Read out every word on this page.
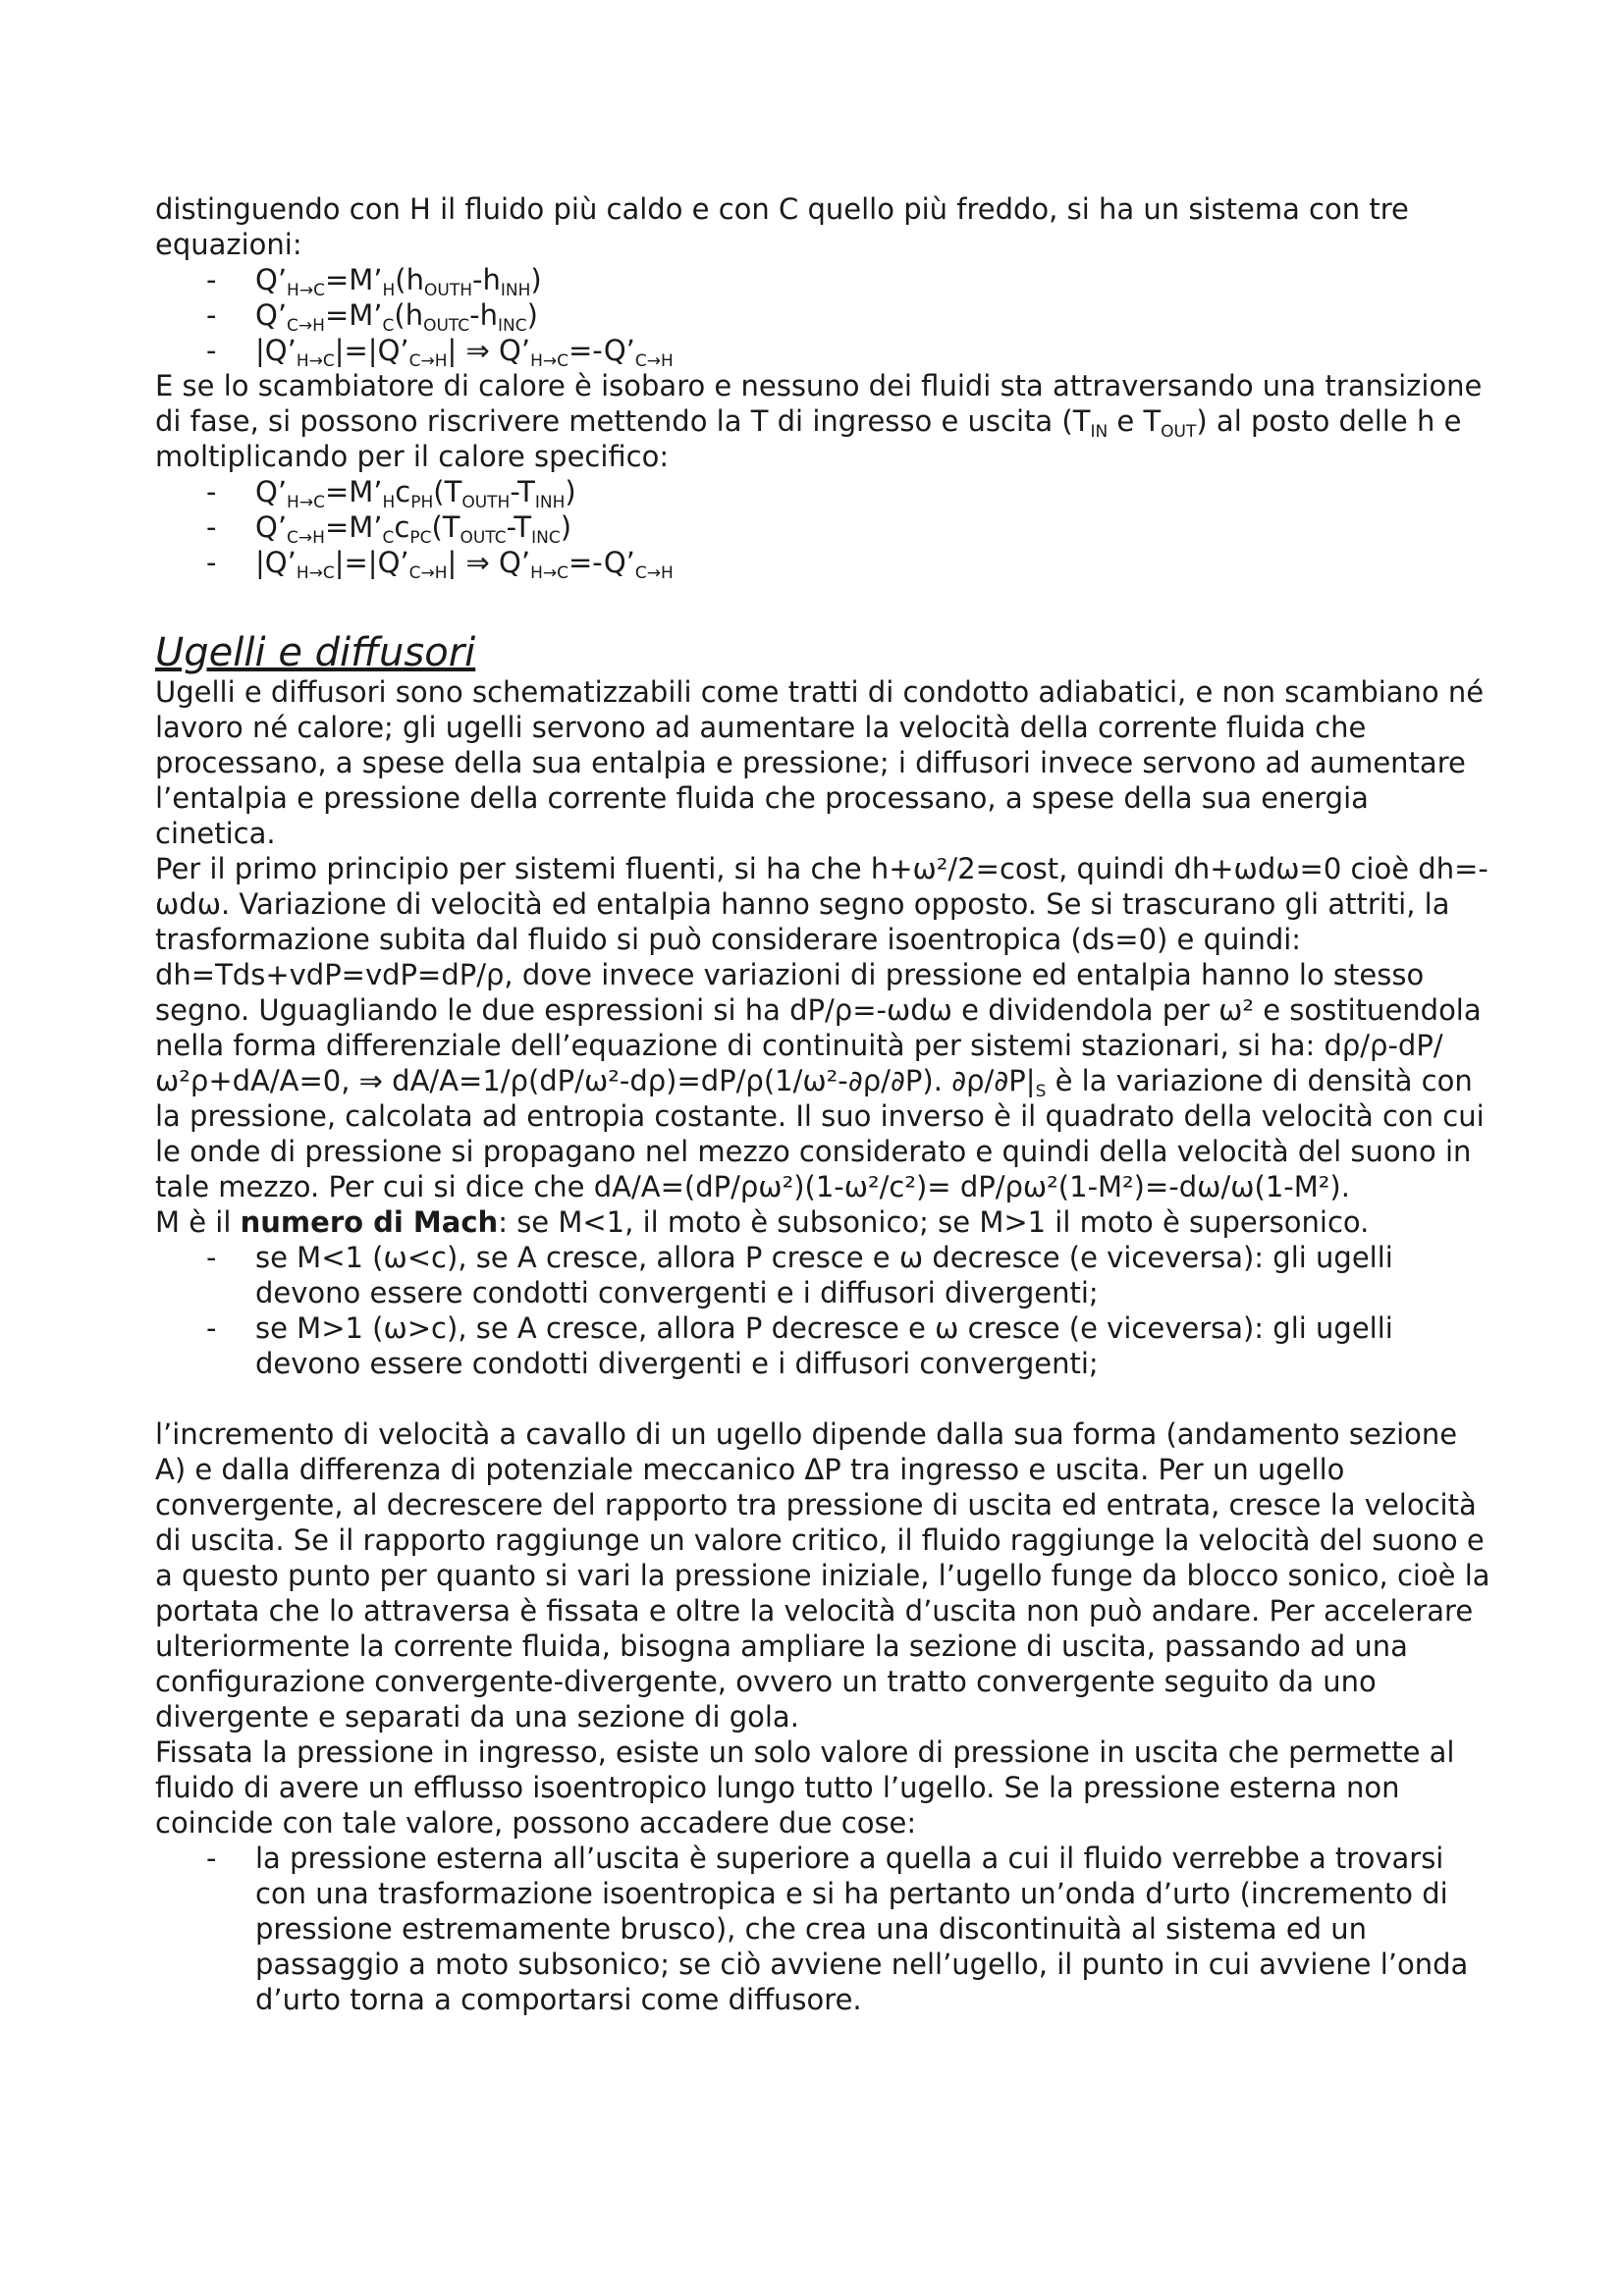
distinguendo con H il fluido più caldo e con C quello più freddo, si ha un sistema con tre equazioni:

- $Q’_{H\to C}=M’_H(h_{OUTH}-h_{INH})$
- $Q’_{C\to H}=M’_C(h_{OUTC}-h_{INC})$
- $|Q’_{H\to C}|=|Q’_{C\to H}|$ ⇒ $Q’_{H\to C}=-Q’_{C\to H}$

E se lo scambiatore di calore è isobaro e nessuno dei fluidi sta attraversando una transizione di fase, si possono riscrivere mettendo la T di ingresso e uscita ($T_{IN}$ e $T_{OUT}$) al posto delle h e moltiplicando per il calore specifico:

- $Q’_{H\to C}=M’_Hc_{PH}(T_{OUTH}-T_{INH})$
- $Q’_{C\to H}=M’_Cc_{PC}(T_{OUTC}-T_{INC})$
- $|Q’_{H\to C}|=|Q’_{C\to H}|$ ⇒ $Q’_{H\to C}=-Q’_{C\to H}$
Ugelli e diffusori

Ugelli e diffusori sono schematizzabili come tratti di condotto adiabatici, e non scambiano né lavoro né calore; gli ugelli servono ad aumentare la velocità della corrente fluida che processano, a spese della sua entalpia e pressione; i diffusori invece servono ad aumentare l’entalpia e pressione della corrente fluida che processano, a spese della sua energia cinetica.

Per il primo principio per sistemi fluenti, si ha che h+ω²/2=cost, quindi dh+ωdω=0 cioè dh=-ωdω. Variazione di velocità ed entalpia hanno segno opposto. Se si trascurano gli attriti, la trasformazione subita dal fluido si può considerare isoentropica (ds=0) e quindi: dh=Tds+vdP=vdP=dP/ρ, dove invece variazioni di pressione ed entalpia hanno lo stesso segno. Uguagliando le due espressioni si ha dP/ρ=-ωdω e dividendola per ω² e sostituendola nella forma differenziale dell’equazione di continuità per sistemi stazionari, si ha: dρ/ρ-dP/ω²ρ+dA/A=0, ⇒ dA/A=1/ρ(dP/ω²-dρ)=dP/ρ(1/ω²-∂ρ/∂P). $\partial\rho/\partial P|_S$ è la variazione di densità con la pressione, calcolata ad entropia costante. Il suo inverso è il quadrato della velocità con cui le onde di pressione si propagano nel mezzo considerato e quindi della velocità del suono in tale mezzo. Per cui si dice che dA/A=(dP/ρω²)(1-ω²/c²)= dP/ρω²(1-M²)=-dω/ω(1-M²).

M è il numero di Mach: se M<1, il moto è subsonico; se M>1 il moto è supersonico.

- se M<1 (ω<c), se A cresce, allora P cresce e ω decresce (e viceversa): gli ugelli devono essere condotti convergenti e i diffusori divergenti;
- se M>1 (ω>c), se A cresce, allora P decresce e ω cresce (e viceversa): gli ugelli devono essere condotti divergenti e i diffusori convergenti;

l’incremento di velocità a cavallo di un ugello dipende dalla sua forma (andamento sezione A) e dalla differenza di potenziale meccanico ΔP tra ingresso e uscita. Per un ugello convergente, al decrescere del rapporto tra pressione di uscita ed entrata, cresce la velocità di uscita. Se il rapporto raggiunge un valore critico, il fluido raggiunge la velocità del suono e a questo punto per quanto si vari la pressione iniziale, l’ugello funge da blocco sonico, cioè la portata che lo attraversa è fissata e oltre la velocità d’uscita non può andare. Per accelerare ulteriormente la corrente fluida, bisogna ampliare la sezione di uscita, passando ad una configurazione convergente-divergente, ovvero un tratto convergente seguito da uno divergente e separati da una sezione di gola.

Fissata la pressione in ingresso, esiste un solo valore di pressione in uscita che permette al fluido di avere un efflusso isoentropico lungo tutto l’ugello. Se la pressione esterna non coincide con tale valore, possono accadere due cose:

- la pressione esterna all’uscita è superiore a quella a cui il fluido verrebbe a trovarsi con una trasformazione isoentropica e si ha pertanto un’onda d’urto (incremento di pressione estremamente brusco), che crea una discontinuità al sistema ed un passaggio a moto subsonico; se ciò avviene nell’ugello, il punto in cui avviene l’onda d’urto torna a comportarsi come diffusore.
